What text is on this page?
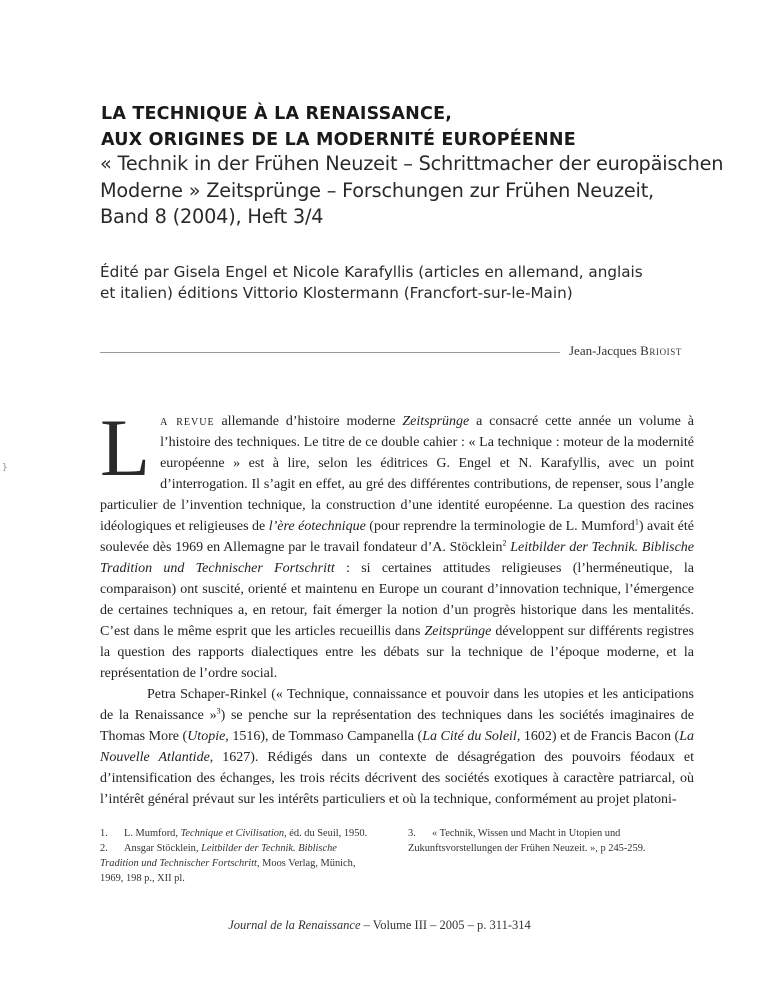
LA TECHNIQUE À LA RENAISSANCE,
AUX ORIGINES DE LA MODERNITÉ EUROPÉENNE
« Technik in der Frühen Neuzeit – Schrittmacher der europäischen
Moderne » Zeitsprünge – Forschungen zur Frühen Neuzeit,
Band 8 (2004), Heft 3/4
Édité par Gisela Engel et Nicole Karafyllis (articles en allemand, anglais
et italien) éditions Vittorio Klostermann (Francfort-sur-le-Main)
Jean-Jacques Brioist
} La revue allemande d’histoire moderne Zeitsprünge a consacré cette année un volume à l’histoire des techniques. Le titre de ce double cahier : « La technique : moteur de la modernité européenne » est à lire, selon les éditrices G. Engel et N. Karafyllis, avec un point d’interrogation. Il s’agit en effet, au gré des différentes contributions, de repenser, sous l’angle particulier de l’invention technique, la construction d’une identité européenne. La question des racines idéologiques et religieuses de l’ère éotechnique (pour reprendre la terminologie de L. Mumford$^1$) avait été soulevée dès 1969 en Allemagne par le travail fondateur d’A. Stöcklein$^2$ Leitbilder der Technik. Biblische Tradition und Technischer Fortschritt : si certaines attitudes religieuses (l’herméneutique, la comparaison) ont suscité, orienté et maintenu en Europe un courant d’innovation technique, l’émergence de certaines techniques a, en retour, fait émerger la notion d’un progrès historique dans les mentalités. C’est dans le même esprit que les articles recueillis dans Zeitsprünge développent sur différents registres la question des rapports dialectiques entre les débats sur la technique de l’époque moderne, et la représentation de l’ordre social.

Petra Schaper-Rinkel (« Technique, connaissance et pouvoir dans les utopies et les anticipations de la Renaissance »$^3$) se penche sur la représentation des techniques dans les sociétés imaginaires de Thomas More (Utopie, 1516), de Tommaso Campanella (La Cité du Soleil, 1602) et de Francis Bacon (La Nouvelle Atlantide, 1627). Rédigés dans un contexte de désagrégation des pouvoirs féodaux et d’intensification des échanges, les trois récits décrivent des sociétés exotiques à caractère patriarcal, où l’intérêt général prévaut sur les intérêts particuliers et où la technique, conformément au projet platoni-

1. L. Mumford, Technique et Civilisation, éd. du Seuil, 1950.

2. Ansgar Stöcklein, Leitbilder der Technik. Biblische Tradition und Technischer Fortschritt, Moos Verlag, Münich, 1969, 198 p., XII pl.

3. « Technik, Wissen und Macht in Utopien und Zukunftsvorstellungen der Frühen Neuzeit. », p 245-259.

Journal de la Renaissance – Volume III – 2005 – p. 311-314
